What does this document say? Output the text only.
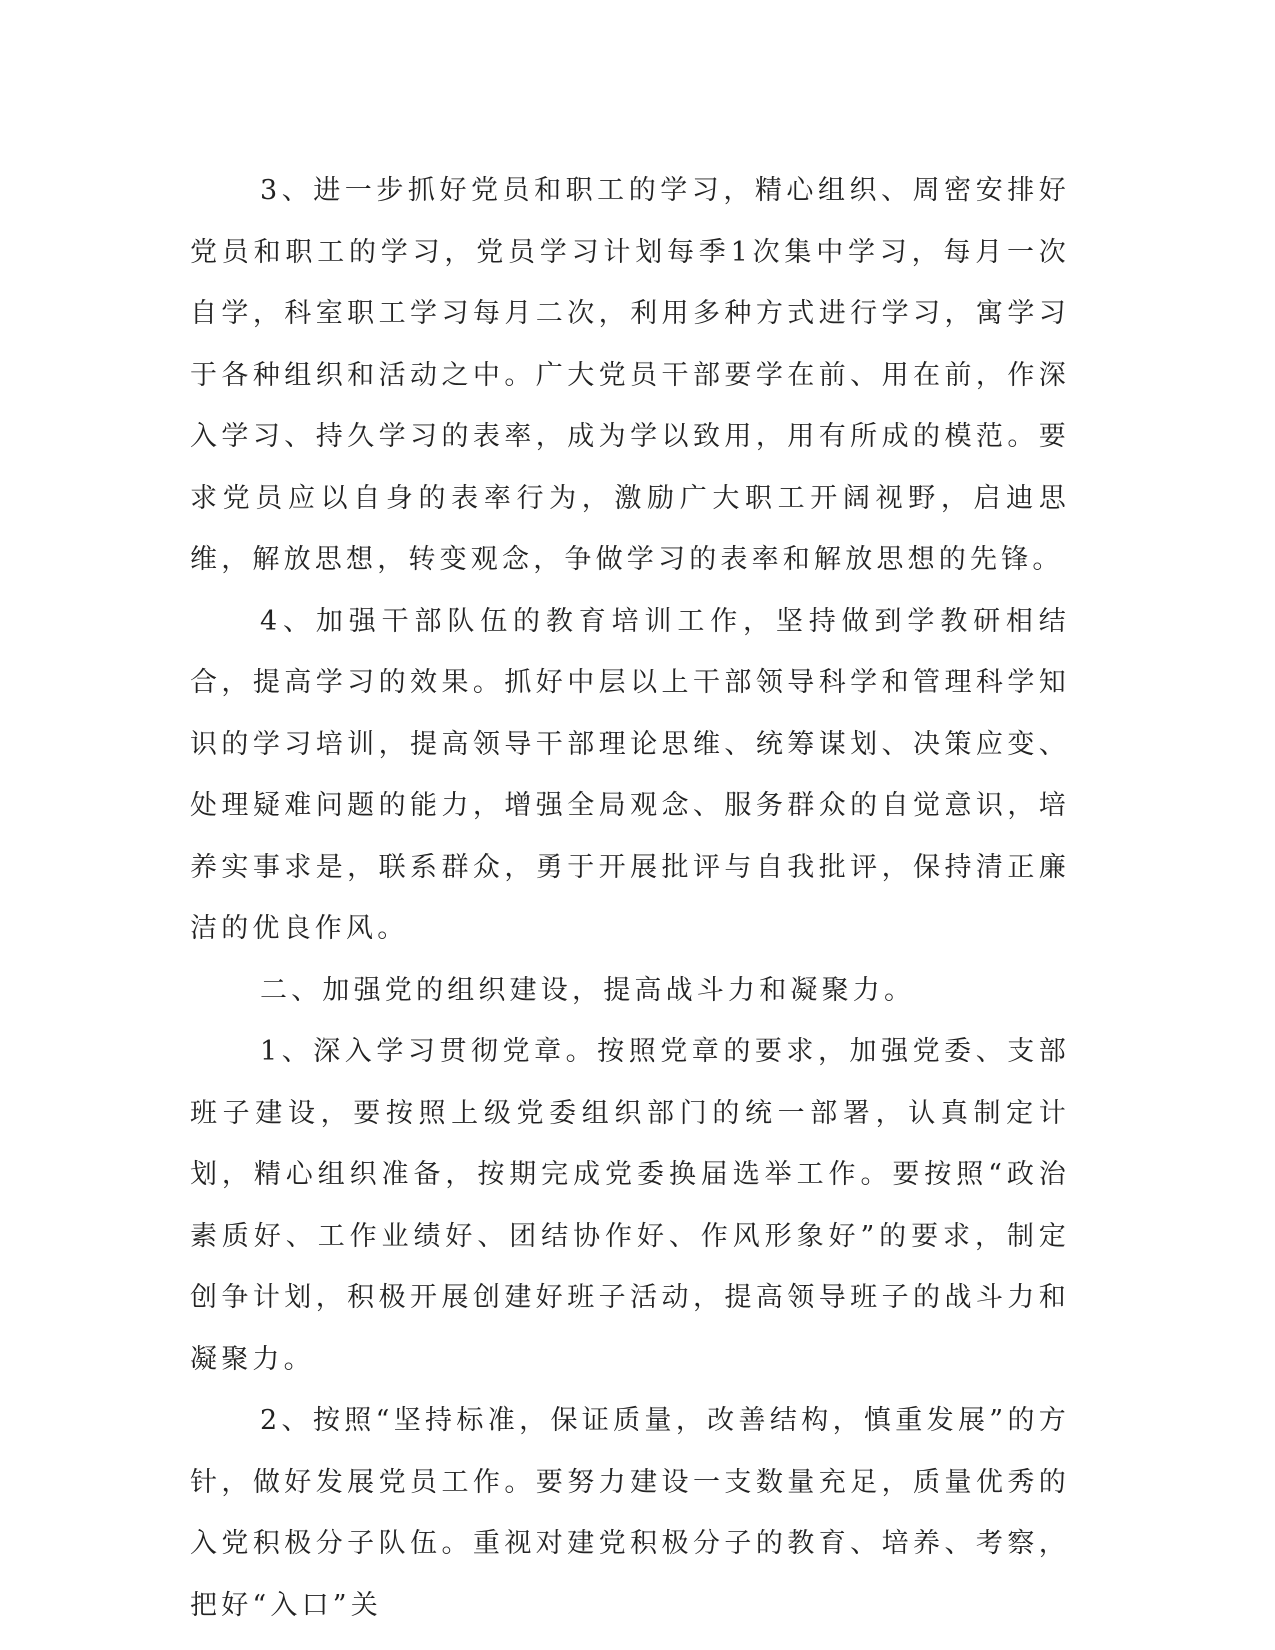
3、进一步抓好党员和职工的学习，精心组织、周密安排好党员和职工的学习，党员学习计划每季1次集中学习，每月一次自学，科室职工学习每月二次，利用多种方式进行学习，寓学习于各种组织和活动之中。广大党员干部要学在前、用在前，作深入学习、持久学习的表率，成为学以致用，用有所成的模范。要求党员应以自身的表率行为，激励广大职工开阔视野，启迪思维，解放思想，转变观念，争做学习的表率和解放思想的先锋。

4、加强干部队伍的教育培训工作，坚持做到学教研相结合，提高学习的效果。抓好中层以上干部领导科学和管理科学知识的学习培训，提高领导干部理论思维、统筹谋划、决策应变、处理疑难问题的能力，增强全局观念、服务群众的自觉意识，培养实事求是，联系群众，勇于开展批评与自我批评，保持清正廉洁的优良作风。

二、加强党的组织建设，提高战斗力和凝聚力。

1、深入学习贯彻党章。按照党章的要求，加强党委、支部班子建设，要按照上级党委组织部门的统一部署，认真制定计划，精心组织准备，按期完成党委换届选举工作。要按照“政治素质好、工作业绩好、团结协作好、作风形象好”的要求，制定创争计划，积极开展创建好班子活动，提高领导班子的战斗力和凝聚力。

2、按照“坚持标准，保证质量，改善结构，慎重发展”的方针，做好发展党员工作。要努力建设一支数量充足，质量优秀的入党积极分子队伍。重视对建党积极分子的教育、培养、考察，把好“入口”关
